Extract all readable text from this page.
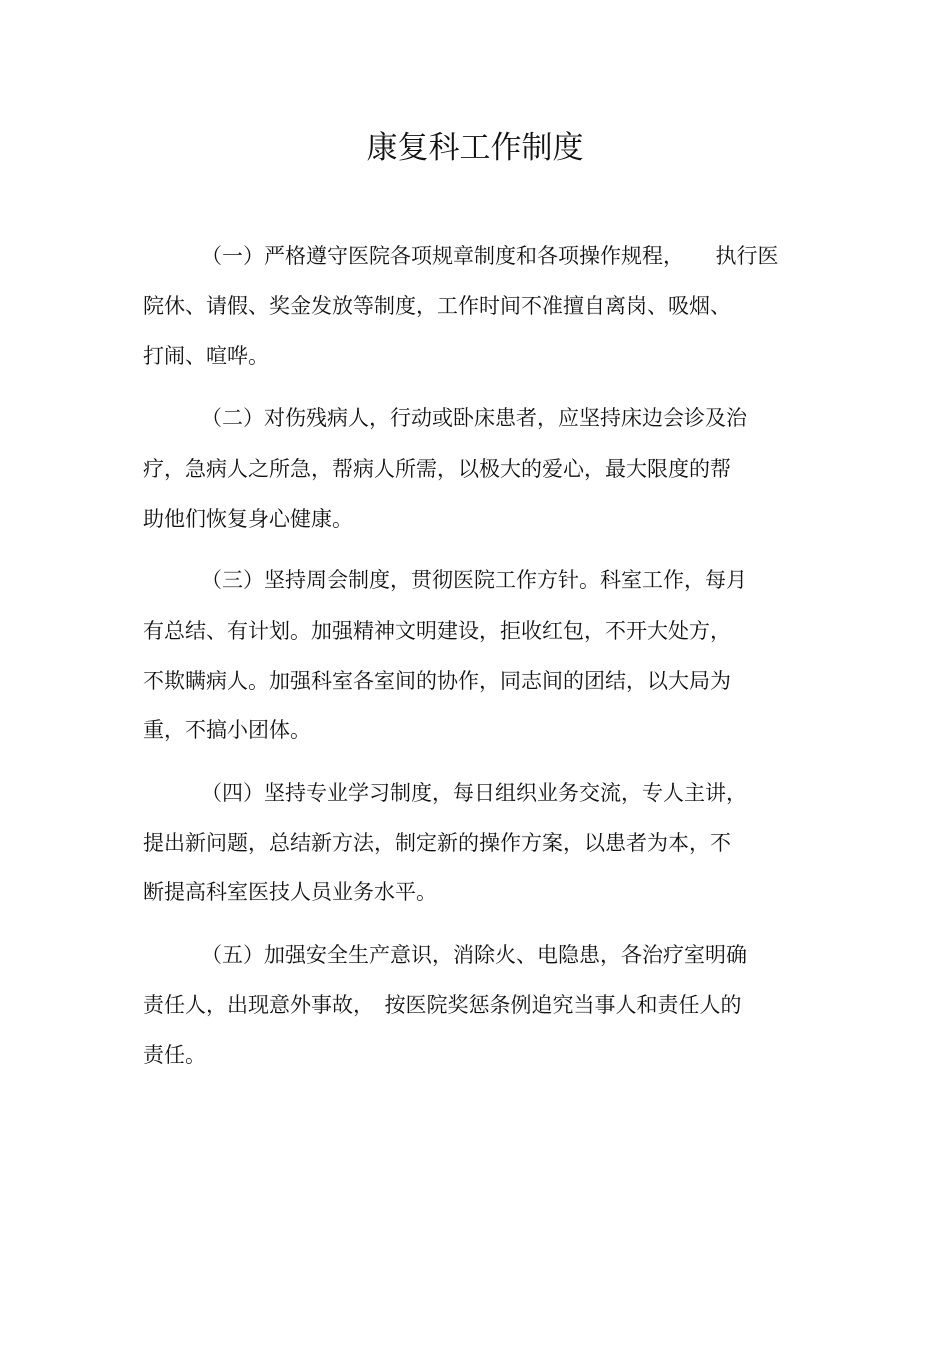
康复科工作制度
（一）严格遵守医院各项规章制度和各项操作规程，　　执行医
院休、请假、奖金发放等制度，工作时间不准擅自离岗、吸烟、
打闹、喧哗。
（二）对伤残病人，行动或卧床患者，应坚持床边会诊及治
疗，急病人之所急，帮病人所需，以极大的爱心，最大限度的帮
助他们恢复身心健康。
（三）坚持周会制度，贯彻医院工作方针。科室工作，每月
有总结、有计划。加强精神文明建设，拒收红包，不开大处方，
不欺瞒病人。加强科室各室间的协作，同志间的团结，以大局为
重，不搞小团体。
（四）坚持专业学习制度，每日组织业务交流，专人主讲，
提出新问题，总结新方法，制定新的操作方案，以患者为本，不
断提高科室医技人员业务水平。
（五）加强安全生产意识，消除火、电隐患，各治疗室明确
责任人，出现意外事故，　按医院奖惩条例追究当事人和责任人的
责任。
